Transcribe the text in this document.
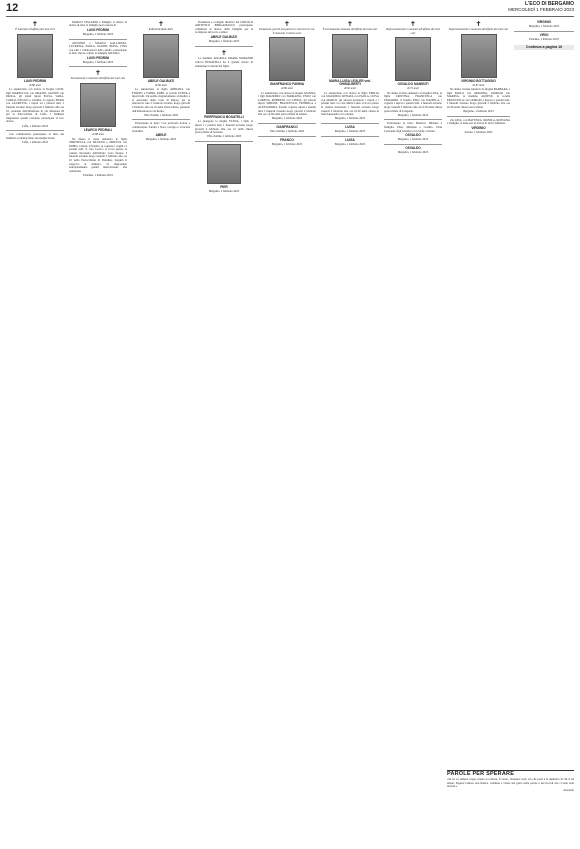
12	L'ECO DI BERGAMO
MERCOLEDÌ 1 FEBBRAIO 2023
✝
È mancato all'affetto dei suoi cari
LUIGI PEDRINI
di 86 anni
Lo annunciano con dolore la moglie GIUSI, figli MARIUCCIA con ORAZIO, GIANNI con PAOLA, gli amati nipoti ELISA, SARA, CARLO, NICOLÒ e GIADA, il cognato PIERO con LAURETTA, i nipoti ed i parenti tutti. I funerali avranno luogo giovedì 2 febbraio alle ore 10, partendo dall'abitazione in via Manzoni 29 per la Parrocchiale di Leffe. I familiari ringraziano quanti vorranno partecipare al loro dolore.
Leffe, 1 febbraio 2023
Con commozione partecipano al lutto dei familiari ed abbracciano sua moglie Giusi.
Leffe, 1 febbraio 2023
MARCO VISCARDI e famiglia si unisce al dolore di tutta la famiglia per la morte di
LUIGI PEDRINI
Bergamo, 1 febbraio 2023
ANTONIO e MARCO GALLIZIOLI, LUCREZIA, PAOLA, GIANNI, BONA, CINA con tutti i collaboratori dello studio, partecipano al lutto che ha colpito la famiglia dell'amico
LUIGI PEDRINI
Bergamo, 1 febbraio 2023
✝
Serenamente è mancato all'affetto dei suoi cari
LEARCO PEDRALI
di 88 anni
Ne danno il triste annuncio le figlie SERENELLA con SILVANO e ORIETTA con FABIO, i nipoti, il fratello, la cognata, i cugini e i parenti tutti. Il caro Learco si trova presso la camera mortuaria dell'Istituto Casa Serena. I funerali avranno luogo venerdì 3 febbraio alle ore 10 nella Parrocchiale di Paladina. Seguirà il trasporto al cimitero. Si ringraziano anticipatamente quanti interverranno alla cerimonia.
Paladina, 1 febbraio 2023
✝
Indimenticabile Abel.
ABELE GALBIATI
di 90 anni
Lo annunciano la figlia ADRIANA con FILIPPO e FABIO, ROBI, la sorella ELENA e nipoti tutti. Un sentito ringraziamento al medico e al personale della Casa di Riposo per le amorevoli cure. I funerali avranno luogo giovedì 2 febbraio alle ore 10 nella Parrocchiale, partendo dall'abitazione in via Roma.
Villa d'Almè, 1 febbraio 2023
Partecipano al lutto: Con profondo dolore e commozione, Sandra e Nora. Giorgio e Concetta Girardini.
ABELE
Bergamo, 1 febbraio 2023
Presidente e consiglio direttivo del CIRCOLO ARTISTICO BERGAMASCO partecipano commossi al dolore della famiglia per la scomparsa del socio e amico
ABELE GALBIATI
Bergamo, 1 febbraio 2023
✝
La mamma ANGIOLA MARIA MORANDI vedova BOSATELLI ha il grande dolore di annunciare la morte del figlio
PIERFRANCO BOSATELLI
Lo piangono la moglie ELENA, i figli, le nipoti e i parenti tutti. I funerali avranno luogo giovedì 2 febbraio alle ore 15 nella chiesa parrocchiale di Sorisole.
Villa d'Almè, 1 febbraio 2023
PIER
Bergamo, 1 febbraio 2023
✝
Pensatemi, perché poi passerò e tornerò tra voi.
È mancato il nostro caro
GIANFRANCO FARINA
di 86 anni
Lo annunciano con dolore la moglie GIANNA, i figli MAURIZIO con MARIAPIA, ENZO con LORENA, ROBERTO con CINZIA, gli adorati nipoti SIMONE, FRANCESCO, FEDERICA e ALESSANDRA, fratelli, cognati, nipoti e parenti tutti. I funerali avranno luogo giovedì 2 febbraio alle ore 14.30 nella parrocchiale di Alzano.
Bergamo, 1 febbraio 2023
GIANFRANCO
Villa d'Almè, 1 febbraio 2023
FRANCO
Bergamo, 1 febbraio 2023
✝
È serenamente mancata all'affetto dei suoi cari
MARIA LUISA LEGLER ved. GHISALBERTI
di 92 anni
Lo annunciano con dolore le figlie EMILIA con MAURIZIO, RENATA con PAOLA, LUISA con MARCO, gli adorati pronipoti, i nipoti e i parenti tutti. La cara Maria Luisa si trova presso la camera mortuaria. I funerali avranno luogo venerdì 3 febbraio alle ore 10.30 nella chiesa di Sant'Alessandro in Colonna.
Bergamo, 1 febbraio 2023
LUISA
Bergamo, 1 febbraio 2023
LUISA
Bergamo, 1 febbraio 2023
✝
Improvvisamente è mancato all'affetto dei suoi cari
OSVALDO MANENTI
di 72 anni
Ne danno il triste annuncio la moglie LINA, le figlie CRISTINA, FRANCESCA con EDOARDO, il fratello EZIO con DANIELA, i cognati, i nipoti e parenti tutti. I funerali avranno luogo venerdì 3 febbraio alle ore 9.30 nella chiesa parrocchiale di Longuelo.
Bergamo, 1 febbraio 2023
Partecipano al lutto: Beatrice, Michela e famiglia. Elisa, Marilena e Cosimo. Tilde Consonni, figli Gianluca con Stefy, Cristian.
OSVALDO
Bergamo, 1 febbraio 2023
OSVALDO
Bergamo, 1 febbraio 2023
✝
Improvvisamente è mancato all'affetto dei suoi cari
VIRGINIO BOTTAGISIO
di 87 anni
Ne danno il triste annuncio la moglie BARBARA, i figli PAOLO con ARIANNA, GIORGIO con MARINA, la mamma AGNESE, la sorella FRANCESCA con GIORGIO, i nipoti e i parenti tutti. I funerali avranno luogo giovedì 2 febbraio alle ore 10.30 nella chiesa parrocchiale.
Bergamo, 1 febbraio 2023
Zia LINA, con BATTISTA, MONICA, ROSSANA e famiglia, si uniscono al dolore di tutti i familiari.
VIRGINIO
Seriate, 1 febbraio 2023
VIRGINIO
Bergamo, 1 febbraio 2023
VIRGI
Paladina, 1 febbraio 2023
Continua a pagina 16
PAROLE PER SPERARE
«Se ne va sempre troppo presto. La morte, il vuoto, l'assenza: tutto ciò che resta è la memoria di chi ci ha amato. Eppure l'amore non finisce, continua a vivere nei gesti, nelle parole e nei ricordi che ci sono stati lasciati.»
Anonimo
